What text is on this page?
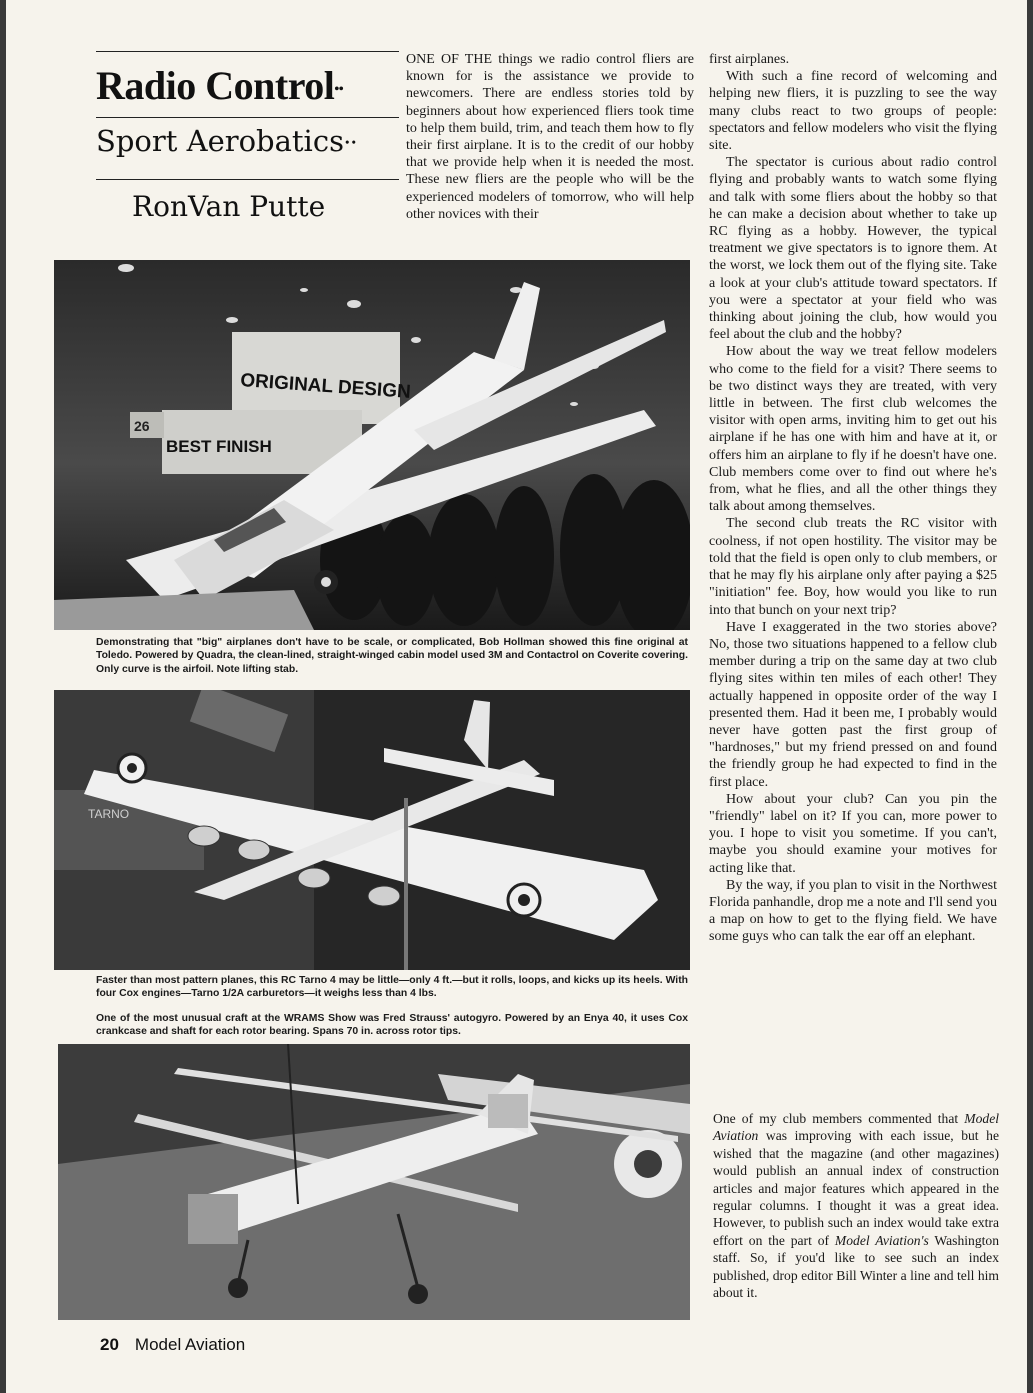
Radio Control••
Sport Aerobatics••
RonVan Putte

ONE OF THE things we radio control fliers are known for is the assistance we provide to newcomers. There are endless stories told by beginners about how experienced fliers took time to help them build, trim, and teach them how to fly their first airplane. It is to the credit of our hobby that we provide help when it is needed the most. These new fliers are the people who will be the experienced modelers of tomorrow, who will help other novices with their

first airplanes.

With such a fine record of welcoming and helping new fliers, it is puzzling to see the way many clubs react to two groups of people: spectators and fellow modelers who visit the flying site.

The spectator is curious about radio control flying and probably wants to watch some flying and talk with some fliers about the hobby so that he can make a decision about whether to take up RC flying as a hobby. However, the typical treatment we give spectators is to ignore them. At the worst, we lock them out of the flying site. Take a look at your club's attitude toward spectators. If you were a spectator at your field who was thinking about joining the club, how would you feel about the club and the hobby?

How about the way we treat fellow modelers who come to the field for a visit? There seems to be two distinct ways they are treated, with very little in between. The first club welcomes the visitor with open arms, inviting him to get out his airplane if he has one with him and have at it, or offers him an airplane to fly if he doesn't have one. Club members come over to find out where he's from, what he flies, and all the other things they talk about among themselves.

The second club treats the RC visitor with coolness, if not open hostility. The visitor may be told that the field is open only to club members, or that he may fly his airplane only after paying a $25 "initiation" fee. Boy, how would you like to run into that bunch on your next trip?

Have I exaggerated in the two stories above? No, those two situations happened to a fellow club member during a trip on the same day at two club flying sites within ten miles of each other! They actually happened in opposite order of the way I presented them. Had it been me, I probably would never have gotten past the first group of "hardnoses," but my friend pressed on and found the friendly group he had expected to find in the first place.

How about your club? Can you pin the "friendly" label on it? If you can, more power to you. I hope to visit you sometime. If you can't, maybe you should examine your motives for acting like that.

By the way, if you plan to visit in the Northwest Florida panhandle, drop me a note and I'll send you a map on how to get to the flying field. We have some guys who can talk the ear off an elephant.

One of my club members commented that Model Aviation was improving with each issue, but he wished that the magazine (and other magazines) would publish an annual index of construction articles and major features which appeared in the regular columns. I thought it was a great idea. However, to publish such an index would take extra effort on the part of Model Aviation's Washington staff. So, if you'd like to see such an index published, drop editor Bill Winter a line and tell him about it.

ORIGINAL DESIGN
BEST FINISH
26
Demonstrating that "big" airplanes don't have to be scale, or complicated, Bob Hollman showed this fine original at Toledo. Powered by Quadra, the clean-lined, straight-winged cabin model used 3M and Contactrol on Coverite covering. Only curve is the airfoil. Note lifting stab.
TARNO
Faster than most pattern planes, this RC Tarno 4 may be little—only 4 ft.—but it rolls, loops, and kicks up its heels. With four Cox engines—Tarno 1/2A carburetors—it weighs less than 4 lbs.
One of the most unusual craft at the WRAMS Show was Fred Strauss' autogyro. Powered by an Enya 40, it uses Cox crankcase and shaft for each rotor bearing. Spans 70 in. across rotor tips.
20 Model Aviation
